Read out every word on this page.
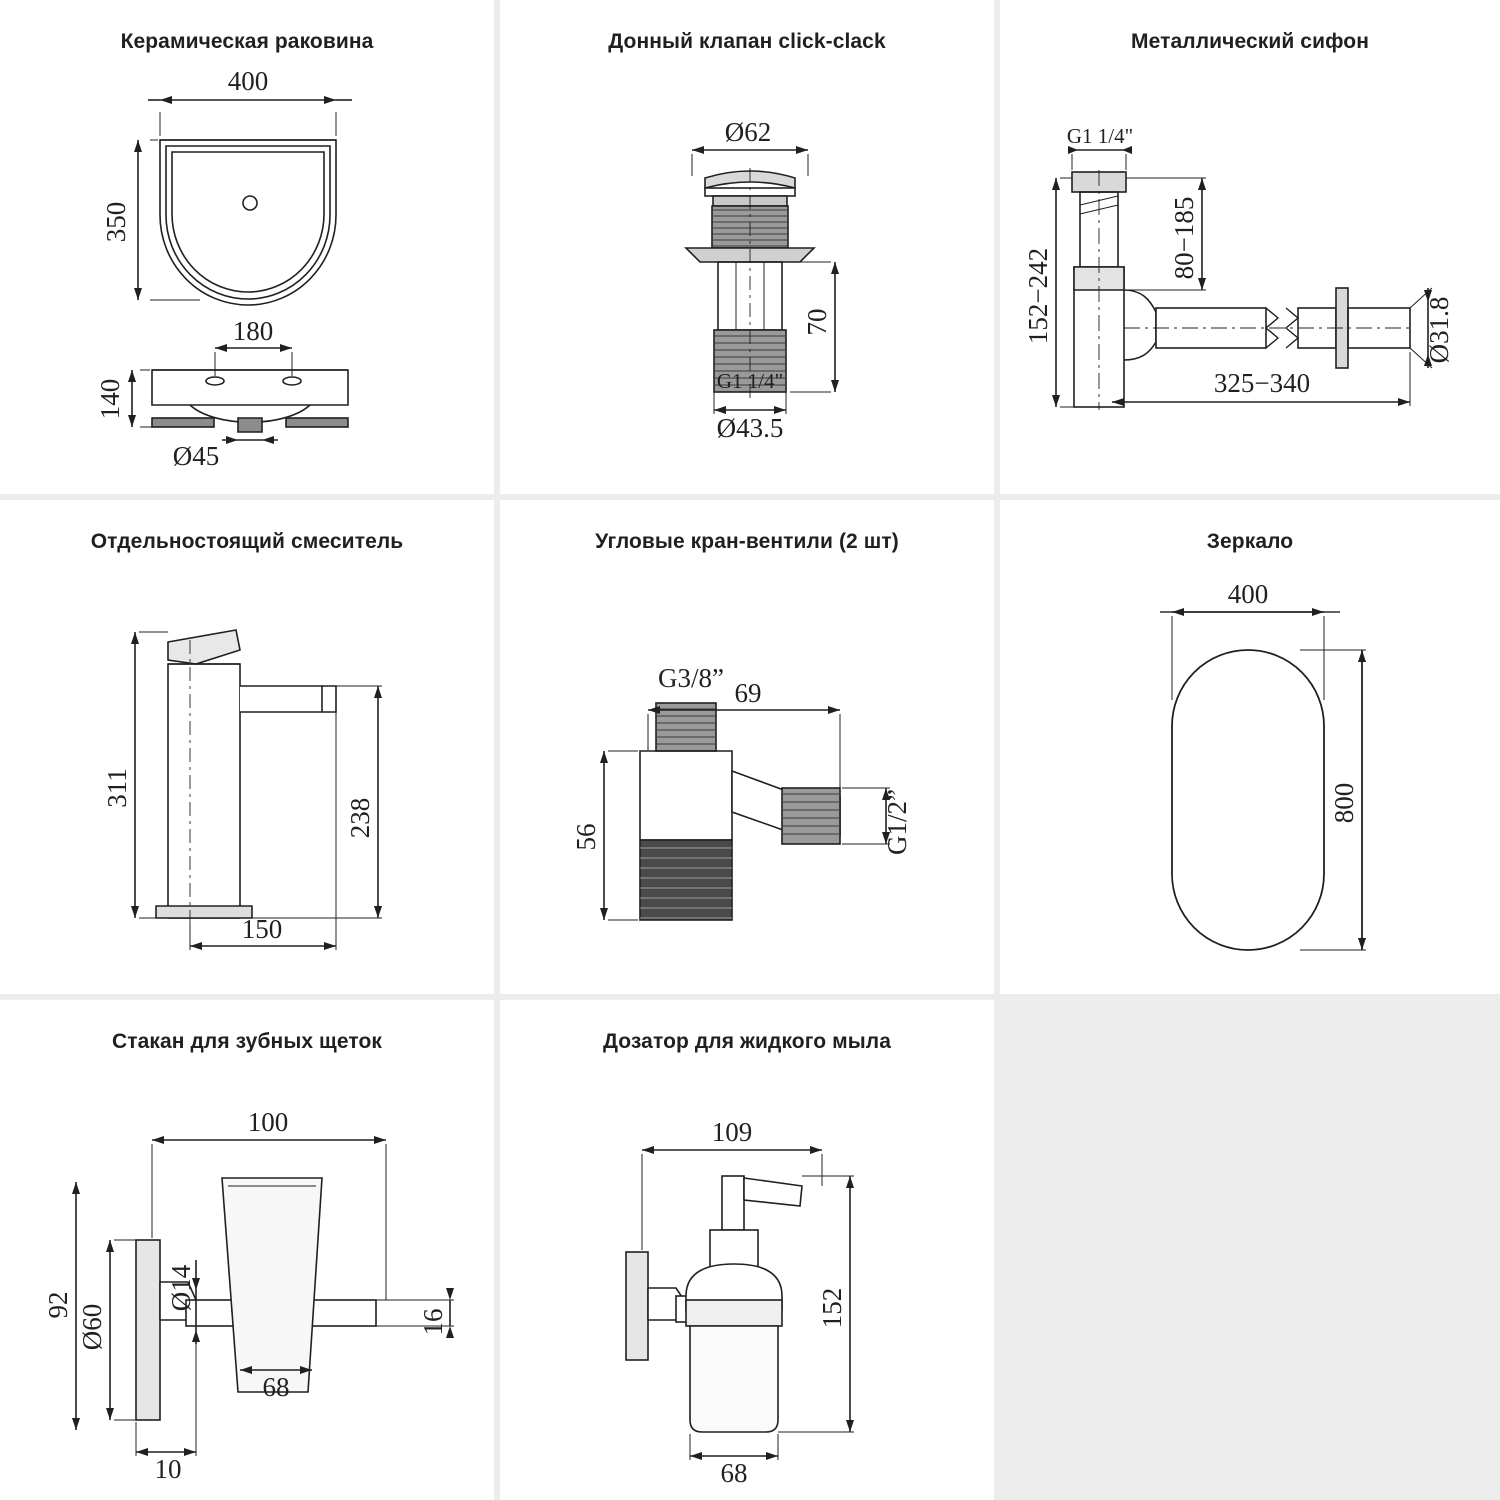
Керамическая раковина
400
350
180
140
Ø45
Донный клапан click-clack
Ø62
70
G1 1/4"
Ø43.5
Металлический сифон
G1 1/4"
80−185
152−242	Ø31.8
325−340
Отдельностоящий смеситель
311
238
150
Угловые кран-вентили (2 шт)
69
G3/8”
56	G1/2”
Зеркало
400
800
Стакан для зубных щеток
100
Ø14
92 Ø60	16
68
10
Дозатор для жидкого мыла
109
152
68
